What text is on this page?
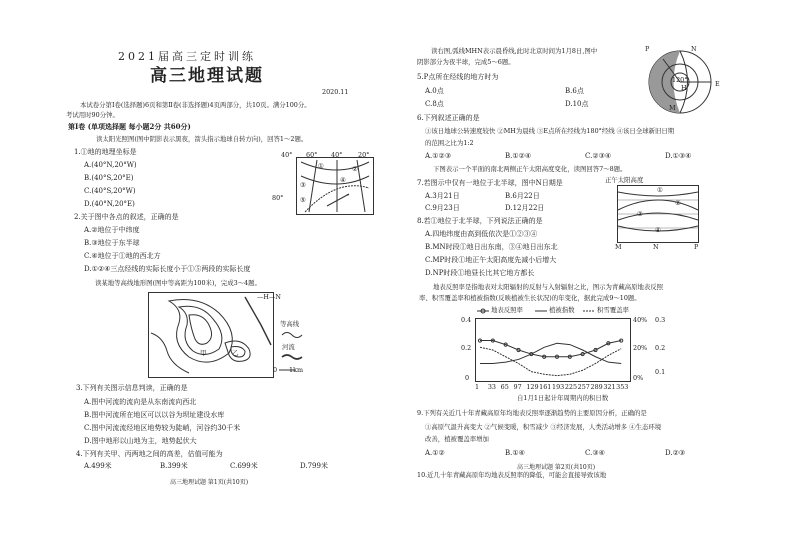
2021届高三定时训练
高三地理试题
2020.11
本试卷分第Ⅰ卷(选择题)6页和第Ⅱ卷(非选择题)4页两部分，共10页。满分100分。
考试用时90分钟。
第Ⅰ卷 (单项选择题 每小题2分 共60分)
读太阳光照图(图中阴影表示黑夜，箭头指示地球自转方向)，回答1～2题。
1.①地的地理坐标是
A.(40°N,20°W)
B.(40°S,20°E)
C.(40°S,20°W)
D.(40°N,20°E)
40° 60° 40° 20°
80°
①	②
③
④
⑤
2.关于图中各点的叙述，正确的是
A.②地位于中纬度
B.③地位于东半球
C.④地位于①地的西北方
D.①②④三点经线的实际长度小于①⑤两段的实际长度
读某地等高线地形图(图中等高距为100米)，完成3～4题。
—H—N
等高线
河流
甲	乙
0 1km
3.下列有关图示信息判读，正确的是
A.图中河流的流向是从东南流向西北
B.图中河流所在地区可以以谷为坝址建设水库
C.图中河流流经地区地势较为陡峭，河谷约30千米
D.图中地形以山地为主，地势起伏大
4.下列有关甲、丙两地之间的高差，估值可能为
A.499米	B.399米	C.699米	D.799米
高三地理试题 第1页(共10页)
读右图,弧线MHN表示晨昏线,此时北京时间为1月8日,图中
阴影部分为夜半球，完成5～6题。
P	N
M
H	E
120°
5.P点所在经线的地方时为
A.0点	B.6点
C.8点	D.10点
6.下列叙述正确的是
①该日地球公转速度较快 ②MH为晨线 ③E点所在经线为180°经线 ④该日全球新旧日期
的范围之比为1:2
A.①②③	B.①②④	C.②③④	D.①③④
下图表示一个平面的南北两侧正午太阳高度变化，读图回答7～8题。
7.若图示中仅有一地位于北半球，图中N日期是
A.3月21日	B.6月22日
C.9月23日	D.12月22日
正午太阳高度
①
②
③
④
M	N	P
8.若①地位于北半球，下列说法正确的是
A.四地纬度由高到低依次是①②③④
B.MN时段①地日出东南，③④地日出东北
C.MP时段①地正午太阳高度先减小后增大
D.NP时段①地昼长比其它地方都长
地表反照率是指地表对太阳辐射的反射与入射辐射之比，图示为青藏高原地表反照
率、积雪覆盖率和植被指数(反映植被生长状况)的年变化，据此完成9～10题。
地表反照率	植被指数	积雪覆盖率
0.4
0.2
0
40%
20%
0%
0.3
0.2
0.1
1 33 65 97 129 161 193 225 257 289 321 353
自1月1日起计年周期内的积日数
9.下列有关近几十年青藏高原年均地表反照率逐渐趋势的主要原因分析，正确的是
①高原气温升高变大 ②气候变暖，积雪减少 ③经济发展，人类活动增多 ④生态环境
改善，植被覆盖率增加
A.①②	B.①④	C.③④	D.②③
高三地理试题 第2页(共10页)
10.近几十年青藏高原年均地表反照率的降低，可能会直接导致该地
